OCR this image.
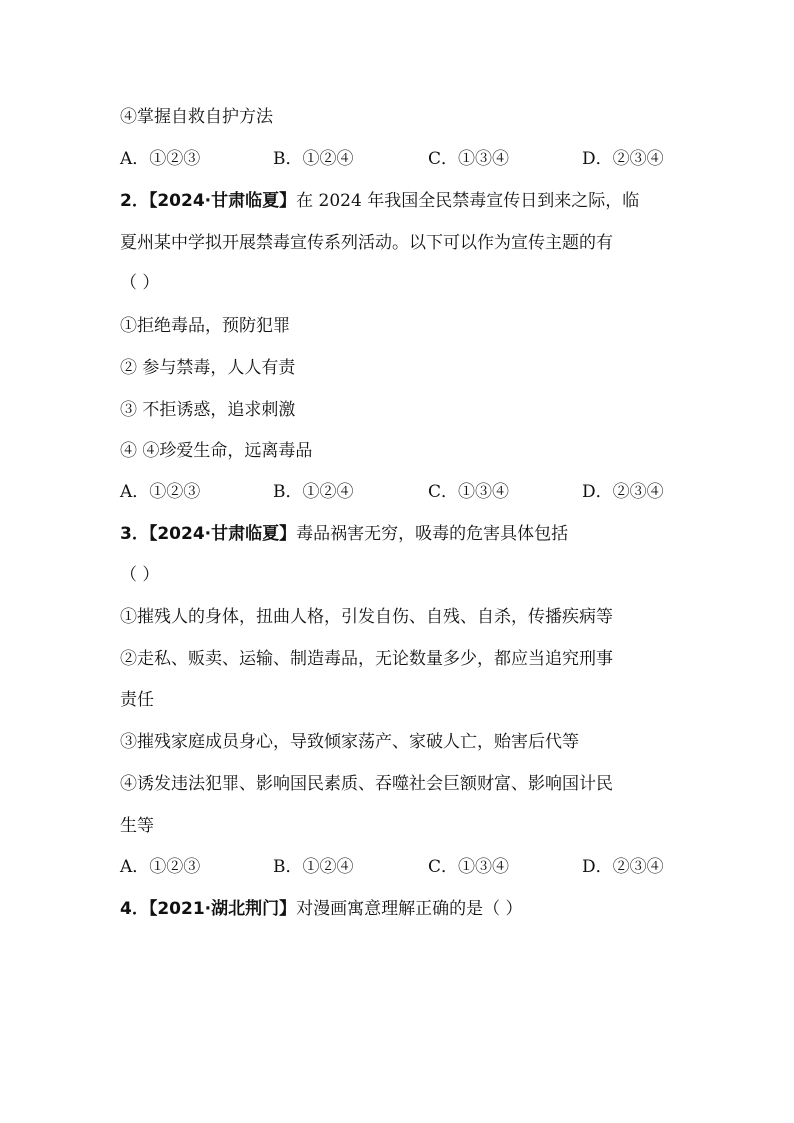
④掌握自救自护方法
A．①②③	B．①②④	C．①③④	D．②③④
2．【2024·甘肃临夏】在 2024 年我国全民禁毒宣传日到来之际，临
夏州某中学拟开展禁毒宣传系列活动。以下可以作为宣传主题的有
（ ）
①拒绝毒品，预防犯罪
② 参与禁毒，人人有责
③ 不拒诱惑，追求刺激
④ ④珍爱生命，远离毒品
A．①②③	B．①②④	C．①③④	D．②③④
3．【2024·甘肃临夏】毒品祸害无穷，吸毒的危害具体包括
（ ）
①摧残人的身体，扭曲人格，引发自伤、自残、自杀，传播疾病等
②走私、贩卖、运输、制造毒品，无论数量多少，都应当追究刑事
责任
③摧残家庭成员身心，导致倾家荡产、家破人亡，贻害后代等
④诱发违法犯罪、影响国民素质、吞噬社会巨额财富、影响国计民
生等
A．①②③	B．①②④	C．①③④	D．②③④
4．【2021·湖北荆门】对漫画寓意理解正确的是（ ）
